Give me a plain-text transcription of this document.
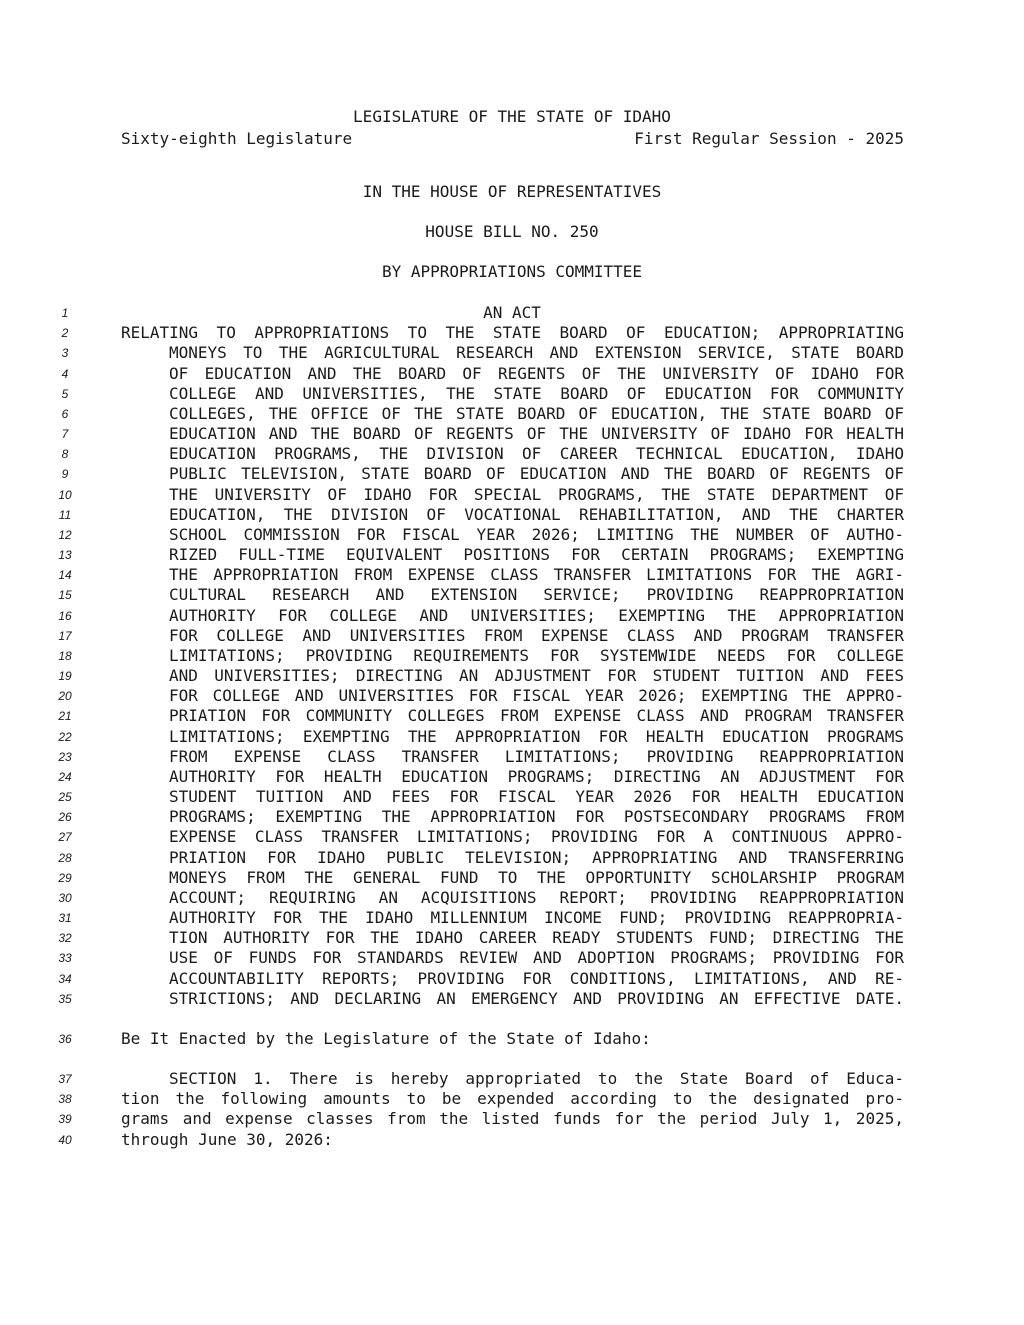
LEGISLATURE OF THE STATE OF IDAHO
Sixty-eighth Legislature	First Regular Session - 2025
IN THE HOUSE OF REPRESENTATIVES
HOUSE BILL NO. 250
BY APPROPRIATIONS COMMITTEE
1	AN ACT
2	RELATING TO APPROPRIATIONS TO THE STATE BOARD OF EDUCATION; APPROPRIATING
3	MONEYS TO THE AGRICULTURAL RESEARCH AND EXTENSION SERVICE, STATE BOARD
4	OF EDUCATION AND THE BOARD OF REGENTS OF THE UNIVERSITY OF IDAHO FOR
5	COLLEGE AND UNIVERSITIES, THE STATE BOARD OF EDUCATION FOR COMMUNITY
6	COLLEGES, THE OFFICE OF THE STATE BOARD OF EDUCATION, THE STATE BOARD OF
7	EDUCATION AND THE BOARD OF REGENTS OF THE UNIVERSITY OF IDAHO FOR HEALTH
8	EDUCATION PROGRAMS, THE DIVISION OF CAREER TECHNICAL EDUCATION, IDAHO
9	PUBLIC TELEVISION, STATE BOARD OF EDUCATION AND THE BOARD OF REGENTS OF
10	THE UNIVERSITY OF IDAHO FOR SPECIAL PROGRAMS, THE STATE DEPARTMENT OF
11	EDUCATION, THE DIVISION OF VOCATIONAL REHABILITATION, AND THE CHARTER
12	SCHOOL COMMISSION FOR FISCAL YEAR 2026; LIMITING THE NUMBER OF AUTHO-
13	RIZED FULL-TIME EQUIVALENT POSITIONS FOR CERTAIN PROGRAMS; EXEMPTING
14	THE APPROPRIATION FROM EXPENSE CLASS TRANSFER LIMITATIONS FOR THE AGRI-
15	CULTURAL RESEARCH AND EXTENSION SERVICE; PROVIDING REAPPROPRIATION
16	AUTHORITY FOR COLLEGE AND UNIVERSITIES; EXEMPTING THE APPROPRIATION
17	FOR COLLEGE AND UNIVERSITIES FROM EXPENSE CLASS AND PROGRAM TRANSFER
18	LIMITATIONS; PROVIDING REQUIREMENTS FOR SYSTEMWIDE NEEDS FOR COLLEGE
19	AND UNIVERSITIES; DIRECTING AN ADJUSTMENT FOR STUDENT TUITION AND FEES
20	FOR COLLEGE AND UNIVERSITIES FOR FISCAL YEAR 2026; EXEMPTING THE APPRO-
21	PRIATION FOR COMMUNITY COLLEGES FROM EXPENSE CLASS AND PROGRAM TRANSFER
22	LIMITATIONS; EXEMPTING THE APPROPRIATION FOR HEALTH EDUCATION PROGRAMS
23	FROM EXPENSE CLASS TRANSFER LIMITATIONS; PROVIDING REAPPROPRIATION
24	AUTHORITY FOR HEALTH EDUCATION PROGRAMS; DIRECTING AN ADJUSTMENT FOR
25	STUDENT TUITION AND FEES FOR FISCAL YEAR 2026 FOR HEALTH EDUCATION
26	PROGRAMS; EXEMPTING THE APPROPRIATION FOR POSTSECONDARY PROGRAMS FROM
27	EXPENSE CLASS TRANSFER LIMITATIONS; PROVIDING FOR A CONTINUOUS APPRO-
28	PRIATION FOR IDAHO PUBLIC TELEVISION; APPROPRIATING AND TRANSFERRING
29	MONEYS FROM THE GENERAL FUND TO THE OPPORTUNITY SCHOLARSHIP PROGRAM
30	ACCOUNT; REQUIRING AN ACQUISITIONS REPORT; PROVIDING REAPPROPRIATION
31	AUTHORITY FOR THE IDAHO MILLENNIUM INCOME FUND; PROVIDING REAPPROPRIA-
32	TION AUTHORITY FOR THE IDAHO CAREER READY STUDENTS FUND; DIRECTING THE
33	USE OF FUNDS FOR STANDARDS REVIEW AND ADOPTION PROGRAMS; PROVIDING FOR
34	ACCOUNTABILITY REPORTS; PROVIDING FOR CONDITIONS, LIMITATIONS, AND RE-
35	STRICTIONS; AND DECLARING AN EMERGENCY AND PROVIDING AN EFFECTIVE DATE.
36	Be It Enacted by the Legislature of the State of Idaho:
37	SECTION 1. There is hereby appropriated to the State Board of Educa-
38	tion the following amounts to be expended according to the designated pro-
39	grams and expense classes from the listed funds for the period July 1, 2025,
40	through June 30, 2026:
